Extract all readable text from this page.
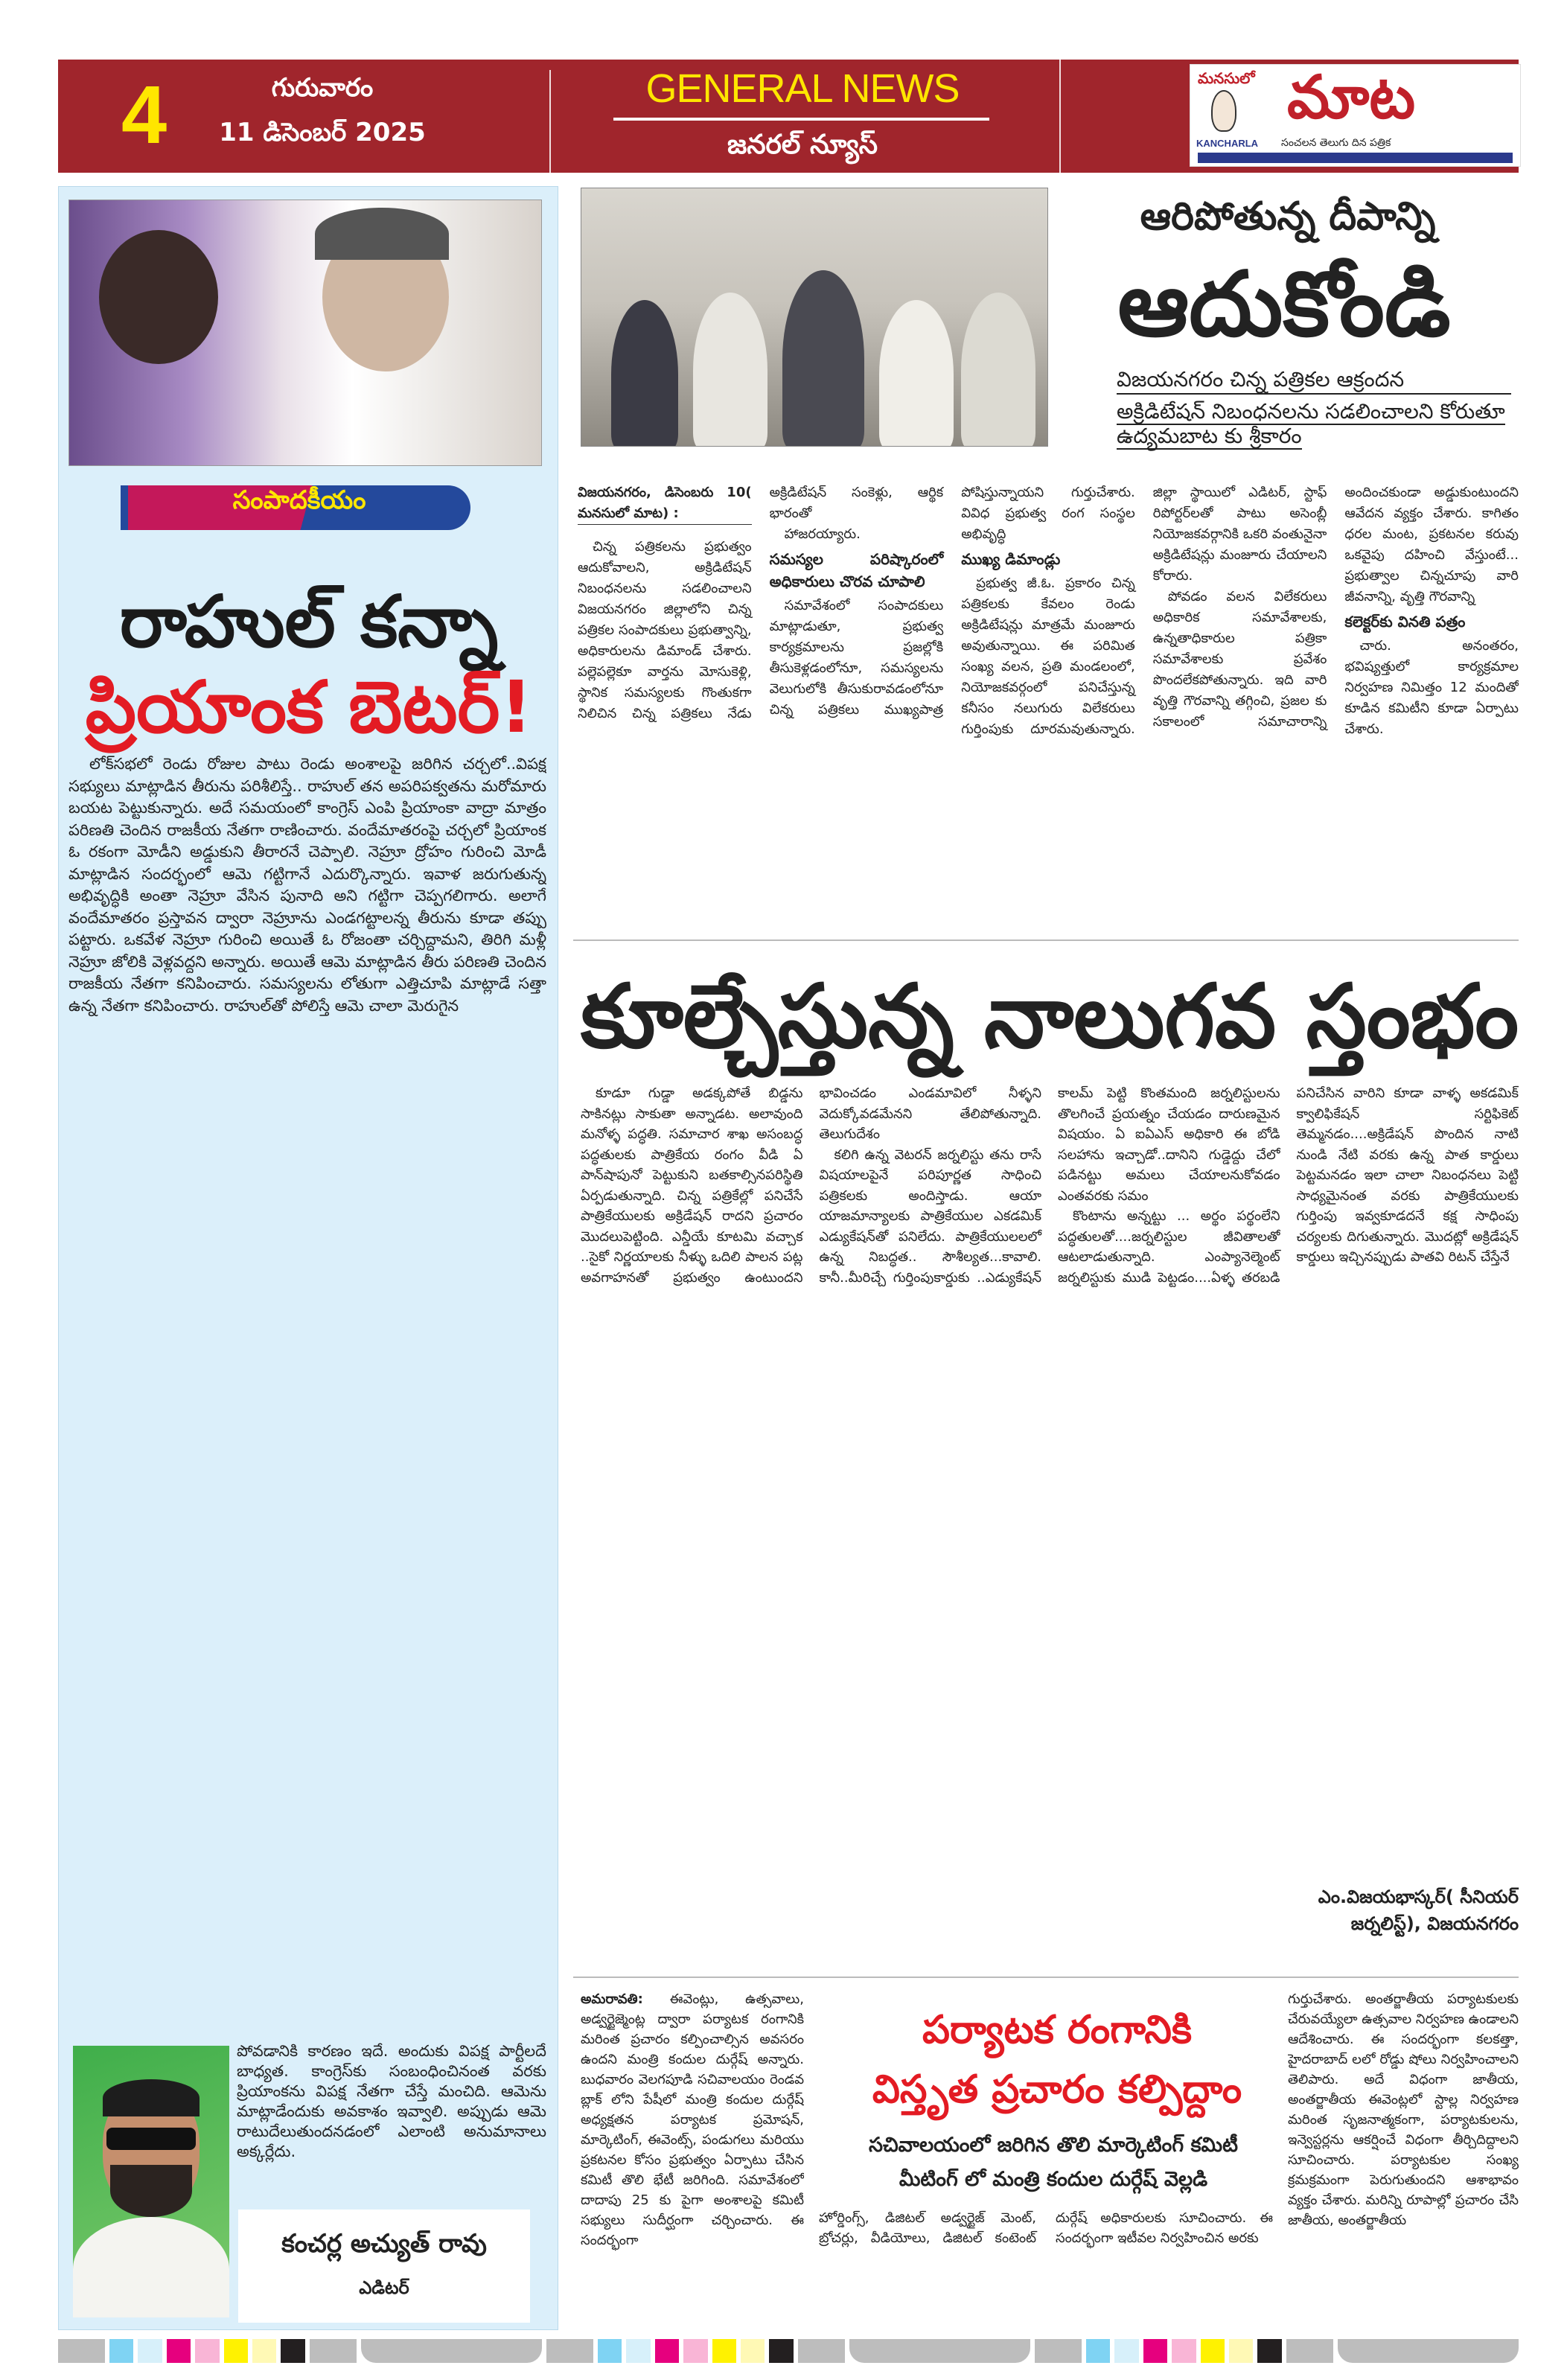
4	గురువారం
11 డిసెంబర్ 2025
GENERAL NEWS
జనరల్ న్యూస్
మనసులో మాట
KANCHARLA	సంచలన తెలుగు దిన పత్రిక
సంపాదకీయం
రాహుల్ కన్నా
ప్రియాంక బెటర్!

లోక్‌సభలో రెండు రోజుల పాటు రెండు అంశాలపై జరిగిన చర్చలో..విపక్ష సభ్యులు మాట్లాడిన తీరును పరిశీలిస్తే.. రాహుల్ తన అపరిపక్వతను మరోమారు బయట పెట్టుకున్నారు. అదే సమయంలో కాంగ్రెస్ ఎంపి ప్రియాంకా వాద్రా మాత్రం పరిణతి చెందిన రాజకీయ నేతగా రాణించారు. వందేమాతరంపై చర్చలో ప్రియాంక ఓ రకంగా మోడీని అడ్డుకుని తీరారనే చెప్పాలి. నెహ్రూ ద్రోహం గురించి మోడీ మాట్లాడిన సందర్భంలో ఆమె గట్టిగానే ఎదుర్కొన్నారు. ఇవాళ జరుగుతున్న అభివృద్ధికి అంతా నెహ్రూ వేసిన పునాది అని గట్టిగా చెప్పగలిగారు. అలాగే వందేమాతరం ప్రస్తావన ద్వారా నెహ్రూను ఎండగట్టాలన్న తీరును కూడా తప్పు పట్టారు. ఒకవేళ నెహ్రూ గురించి అయితే ఓ రోజంతా చర్చిద్దామని, తిరిగి మళ్లీ నెహ్రూ జోలికి వెళ్లవద్దని అన్నారు. అయితే ఆమె మాట్లాడిన తీరు పరిణతి చెందిన రాజకీయ నేతగా కనిపించారు. సమస్యలను లోతుగా ఎత్తిచూపి మాట్లాడే సత్తా ఉన్న నేతగా కనిపించారు. రాహుల్‌తో పోలిస్తే ఆమె చాలా మెరుగైన

పోవడానికి కారణం ఇదే. అందుకు విపక్ష పార్టీలదే బాధ్యత. కాంగ్రెస్‌కు సంబంధించినంత వరకు ప్రియాంకను విపక్ష నేతగా చేస్తే మంచిది. ఆమెను మాట్లాడేందుకు అవకాశం ఇవ్వాలి. అప్పుడు ఆమె రాటుదేలుతుందనడంలో ఎలాంటి అనుమానాలు అక్కర్లేదు.
కంచర్ల అచ్యుత్ రావు
ఎడిటర్
ఆరిపోతున్న దీపాన్ని
ఆదుకోండి
విజయనగరం చిన్న పత్రికల ఆక్రందన
అక్రిడిటేషన్ నిబంధనలను సడలించాలని కోరుతూ ఉద్యమబాట కు శ్రీకారం

విజయనగరం, డిసెంబరు 10( మనసులో మాట) :

చిన్న పత్రికలను ప్రభుత్వం ఆదుకోవాలని, అక్రిడిటేషన్ నిబంధనలను సడలించాలని విజయనగరం జిల్లాలోని చిన్న పత్రికల సంపాదకులు ప్రభుత్వాన్ని, అధికారులను డిమాండ్ చేశారు. పల్లెపల్లెకూ వార్తను మోసుకెళ్లి, స్థానిక సమస్యలకు గొంతుకగా నిలిచిన చిన్న పత్రికలు నేడు అక్రిడిటేషన్ సంకెళ్లు, ఆర్థిక భారంతో

హాజరయ్యారు.

సమస్యల పరిష్కారంలో అధికారులు చొరవ చూపాలి

సమావేశంలో సంపాదకులు మాట్లాడుతూ, ప్రభుత్వ కార్యక్రమాలను ప్రజల్లోకి తీసుకెళ్లడంలోనూ, సమస్యలను వెలుగులోకి తీసుకురావడంలోనూ చిన్న పత్రికలు ముఖ్యపాత్ర పోషిస్తున్నాయని గుర్తుచేశారు. వివిధ ప్రభుత్వ రంగ సంస్థల అభివృద్ధి

ముఖ్య డిమాండ్లు

ప్రభుత్వ జీ.ఓ. ప్రకారం చిన్న పత్రికలకు కేవలం రెండు అక్రిడిటేషన్లు మాత్రమే మంజూరు అవుతున్నాయి. ఈ పరిమిత సంఖ్య వలన, ప్రతి మండలంలో, నియోజకవర్గంలో పనిచేస్తున్న కనీసం నలుగురు విలేకరులు గుర్తింపుకు దూరమవుతున్నారు. జిల్లా స్థాయిలో ఎడిటర్, స్టాఫ్ రిపోర్టర్‌లతో పాటు అసెంబ్లీ నియోజకవర్గానికి ఒకరి వంతునైనా అక్రిడిటేషన్లు మంజూరు చేయాలని కోరారు.

పోవడం వలన విలేకరులు అధికారిక సమావేశాలకు, ఉన్నతాధికారుల పత్రికా సమావేశాలకు ప్రవేశం పొందలేకపోతున్నారు. ఇది వారి వృత్తి గౌరవాన్ని తగ్గించి, ప్రజల కు సకాలంలో సమాచారాన్ని అందించకుండా అడ్డుకుంటుందని ఆవేదన వ్యక్తం చేశారు. కాగితం ధరల మంట, ప్రకటనల కరువు ఒకవైపు దహించి వేస్తుంటే... ప్రభుత్వాల చిన్నచూపు వారి జీవనాన్ని, వృత్తి గౌరవాన్ని

కలెక్టర్‌కు వినతి పత్రం

చారు. అనంతరం, భవిష్యత్తులో కార్యక్రమాల నిర్వహణ నిమిత్తం 12 మందితో కూడిన కమిటీని కూడా ఏర్పాటు చేశారు.

కూల్చేస్తున్న నాలుగవ స్తంభం

కూడూ గుడ్డా అడక్కపోతే బిడ్డను సాకినట్లు సాకుతా అన్నాడట. అలావుంది మనోళ్ళ పద్ధతి. సమాచార శాఖ అసంబద్ధ పద్ధతులకు పాత్రికేయ రంగం వీడి ఏ పాన్‌షాపునో పెట్టుకుని బతకాల్సినపరిస్థితి ఏర్పడుతున్నాది. చిన్న పత్రికేల్లో పనిచేసే పాత్రికేయులకు అక్రిడేషన్ రాదని ప్రచారం మొదలుపెట్టింది. ఎన్డీయే కూటమి వచ్చాక ..సైకో నిర్ణయాలకు నీళ్ళు ఒదిలి పాలన పట్ల అవగాహనతో ప్రభుత్వం ఉంటుందని భావించడం ఎండమావిలో నీళ్ళని వెదుక్కోవడమేనని తేలిపోతున్నాది. తెలుగుదేశం

కలిగి ఉన్న వెటరన్ జర్నలిస్టు తను రాసే విషయాలపైనే పరిపూర్ణత సాధించి పత్రికలకు అందిస్తాడు. ఆయా యాజమాన్యాలకు పాత్రికేయుల ఎకడమిక్ ఎడ్యుకేషన్‌తో పనిలేదు. పాత్రికేయులలలో ఉన్న నిబద్ధత.. సౌశీల్యత...కావాలి. కానీ..మీరిచ్చే గుర్తింపుకార్డుకు ..ఎడ్యుకేషన్ కాలమ్ పెట్టి కొంతమంది జర్నలిస్టులను తొలగించే ప్రయత్నం చేయడం దారుణమైన విషయం. ఏ ఐఏఎస్ అధికారి ఈ బోడి సలహాను ఇచ్చాడో..దానిని గుడ్డెద్దు చేలో పడినట్టు అమలు చేయాలనుకోవడం ఎంతవరకు సమం

కొంటాను అన్నట్టు ... అర్థం పర్థంలేని పద్ధతులతో....జర్నలిస్టుల జీవితాలతో ఆటలాడుతున్నాది. ఎంప్యానెల్మెంట్ జర్నలిస్టుకు ముడి పెట్టడం....ఏళ్ళ తరబడి పనిచేసిన వారిని కూడా వాళ్ళ అకడమిక్ క్వాలిఫికేషన్ సర్టిఫికెట్ తెమ్మనడం....అక్రిడేషన్ పొందిన నాటి నుండి నేటి వరకు ఉన్న పాత కార్డులు పెట్టమనడం ఇలా చాలా నిబంధనలు పెట్టి సాధ్యమైనంత వరకు పాత్రికేయులకు గుర్తింపు ఇవ్వకూడదనే కక్ష సాధింపు చర్యలకు దిగుతున్నారు. మొదట్లో అక్రిడేషన్ కార్డులు ఇచ్చినప్పుడు పాతవి రిటన్ చేస్తేనే

ఎం.విజయభాస్కర్( సీనియర్ జర్నలిస్ట్), విజయనగరం
అమరావతి: ఈవెంట్లు, ఉత్సవాలు, అడ్వర్టైజ్మెంట్ల ద్వారా పర్యాటక రంగానికి మరింత ప్రచారం కల్పించాల్సిన అవసరం ఉందని మంత్రి కందుల దుర్గేష్ అన్నారు. బుధవారం వెలగపూడి సచివాలయం రెండవ బ్లాక్ లోని పేషీలో మంత్రి కందుల దుర్గేష్ అధ్యక్షతన పర్యాటక ప్రమోషన్, మార్కెటింగ్, ఈవెంట్స్, పండుగలు మరియు ప్రకటనల కోసం ప్రభుత్వం ఏర్పాటు చేసిన కమిటీ తొలి భేటీ జరిగింది. సమావేశంలో దాదాపు 25 కు పైగా అంశాలపై కమిటీ సభ్యులు సుదీర్ఘంగా చర్చించారు. ఈ సందర్భంగా
పర్యాటక రంగానికి
విస్తృత ప్రచారం కల్పిద్దాం
సచివాలయంలో జరిగిన తొలి మార్కెటింగ్ కమిటీ
మీటింగ్ లో మంత్రి కందుల దుర్గేష్ వెల్లడి
హోర్డింగ్స్, డిజిటల్ అడ్వర్టైజ్ మెంట్, బ్రోచర్లు, వీడియోలు, డిజిటల్ కంటెంట్ దుర్గేష్ అధికారులకు సూచించారు. ఈ సందర్భంగా ఇటీవల నిర్వహించిన అరకు
గుర్తుచేశారు. అంతర్జాతీయ పర్యాటకులకు చేరువయ్యేలా ఉత్సవాల నిర్వహణ ఉండాలని ఆదేశించారు. ఈ సందర్భంగా కలకత్తా, హైదరాబాద్ లలో రోడ్డు షోలు నిర్వహించాలని తెలిపారు. అదే విధంగా జాతీయ, అంతర్జాతీయ ఈవెంట్లలో స్టాల్ల నిర్వహణ మరింత సృజనాత్మకంగా, పర్యాటకులను, ఇన్వెస్టర్లను ఆకర్షించే విధంగా తీర్చిదిద్దాలని సూచించారు. పర్యాటకుల సంఖ్య క్రమక్రమంగా పెరుగుతుందని ఆశాభావం వ్యక్తం చేశారు. మరిన్ని రూపాల్లో ప్రచారం చేసి జాతీయ, అంతర్జాతీయ
